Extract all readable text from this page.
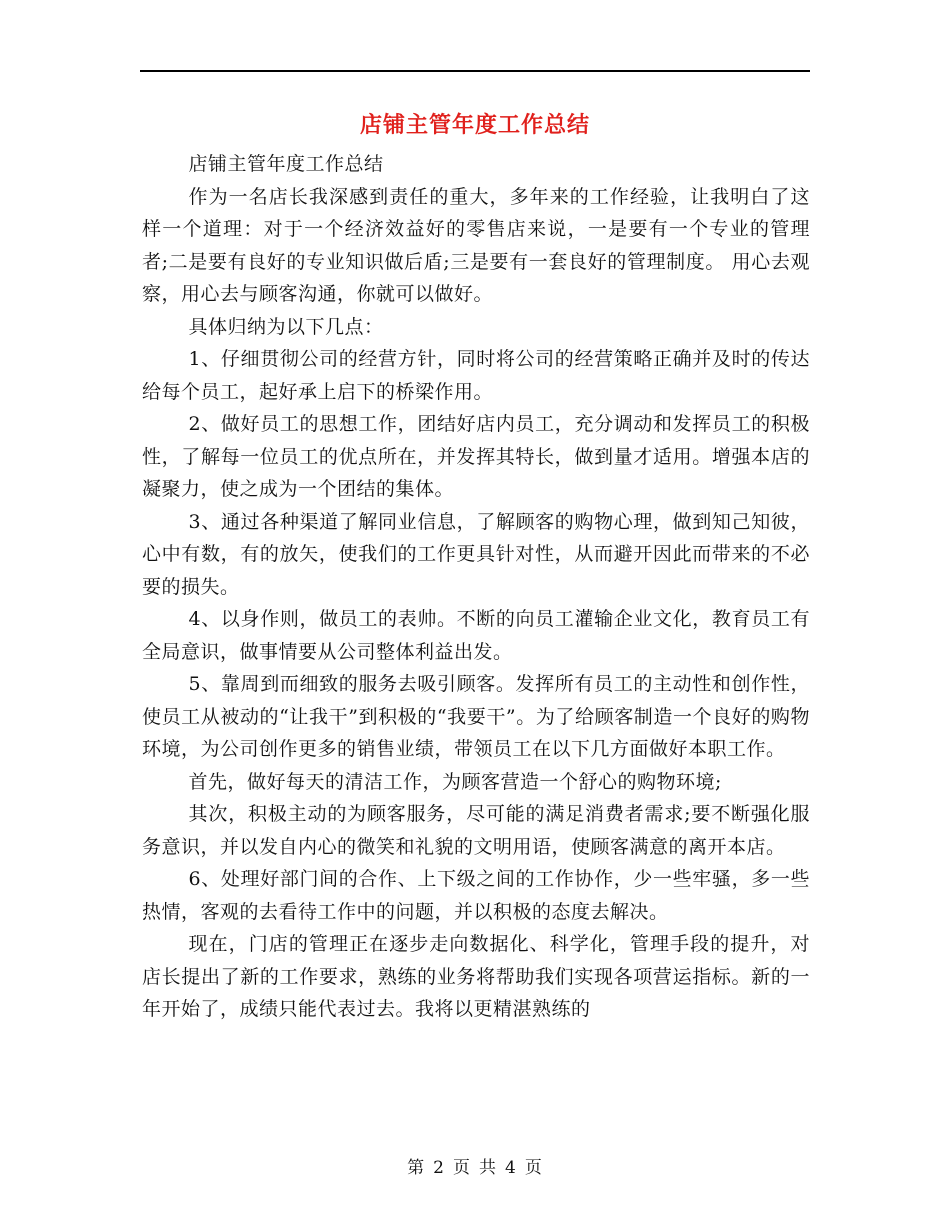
店铺主管年度工作总结

店铺主管年度工作总结

作为一名店长我深感到责任的重大，多年来的工作经验，让我明白了这样一个道理：对于一个经济效益好的零售店来说，一是要有一个专业的管理者;二是要有良好的专业知识做后盾;三是要有一套良好的管理制度。 用心去观察，用心去与顾客沟通，你就可以做好。

具体归纳为以下几点：

1、仔细贯彻公司的经营方针，同时将公司的经营策略正确并及时的传达给每个员工，起好承上启下的桥梁作用。

2、做好员工的思想工作，团结好店内员工，充分调动和发挥员工的积极性，了解每一位员工的优点所在，并发挥其特长，做到量才适用。增强本店的凝聚力，使之成为一个团结的集体。

3、通过各种渠道了解同业信息，了解顾客的购物心理，做到知己知彼，心中有数，有的放矢，使我们的工作更具针对性，从而避开因此而带来的不必要的损失。

4、以身作则，做员工的表帅。不断的向员工灌输企业文化，教育员工有全局意识，做事情要从公司整体利益出发。

5、靠周到而细致的服务去吸引顾客。发挥所有员工的主动性和创作性，使员工从被动的“让我干”到积极的“我要干”。为了给顾客制造一个良好的购物环境，为公司创作更多的销售业绩，带领员工在以下几方面做好本职工作。

首先，做好每天的清洁工作，为顾客营造一个舒心的购物环境;

其次，积极主动的为顾客服务，尽可能的满足消费者需求;要不断强化服务意识，并以发自内心的微笑和礼貌的文明用语，使顾客满意的离开本店。

6、处理好部门间的合作、上下级之间的工作协作，少一些牢骚，多一些热情，客观的去看待工作中的问题，并以积极的态度去解决。

现在，门店的管理正在逐步走向数据化、科学化，管理手段的提升，对店长提出了新的工作要求，熟练的业务将帮助我们实现各项营运指标。新的一年开始了，成绩只能代表过去。我将以更精湛熟练的

第 2 页 共 4 页
